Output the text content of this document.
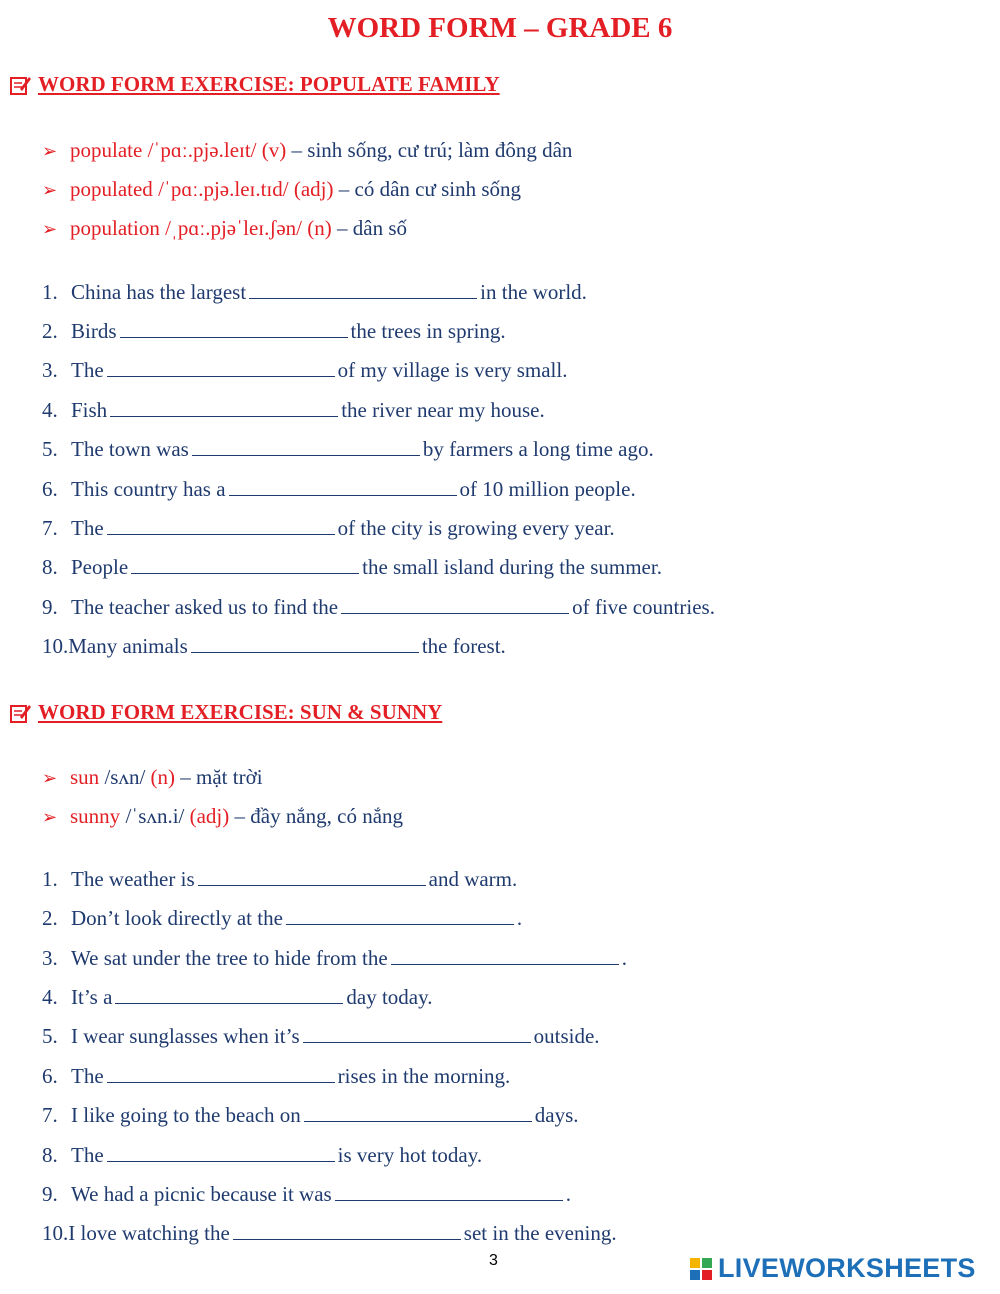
WORD FORM – GRADE 6
WORD FORM EXERCISE: POPULATE FAMILY
➢ populate
/ˈpɑː.pjə.leɪt/
(v)
– sinh sống, cư trú; làm đông dân
➢ populated
/ˈpɑː.pjə.leɪ.tɪd/
(adj)
– có dân cư sinh sống
➢ population
/ˌpɑː.pjəˈleɪ.ʃən/
(n)
– dân số
1. China has the largest	in the world.
2. Birds	the trees in spring.
3. The	of my village is very small.
4. Fish	the river near my house.
5. The town was	by farmers a long time ago.
6. This country has a	of 10 million people.
7. The	of the city is growing every year.
8. People	the small island during the summer.
9. The teacher asked us to find the	of five countries.
10.Many animals	the forest.
WORD FORM EXERCISE: SUN & SUNNY
➢ sun
/sʌn/
(n)
– mặt trời
➢ sunny
/ˈsʌn.i/
(adj)
– đầy nắng, có nắng
1. The weather is	and warm.
2. Don’t look directly at the	.
3. We sat under the tree to hide from the	.
4. It’s a	day today.
5. I wear sunglasses when it’s	outside.
6. The	rises in the morning.
7. I like going to the beach on	days.
8. The	is very hot today.
9. We had a picnic because it was	.
10.I love watching the	set in the evening.
3	LIVEWORKSHEETS
